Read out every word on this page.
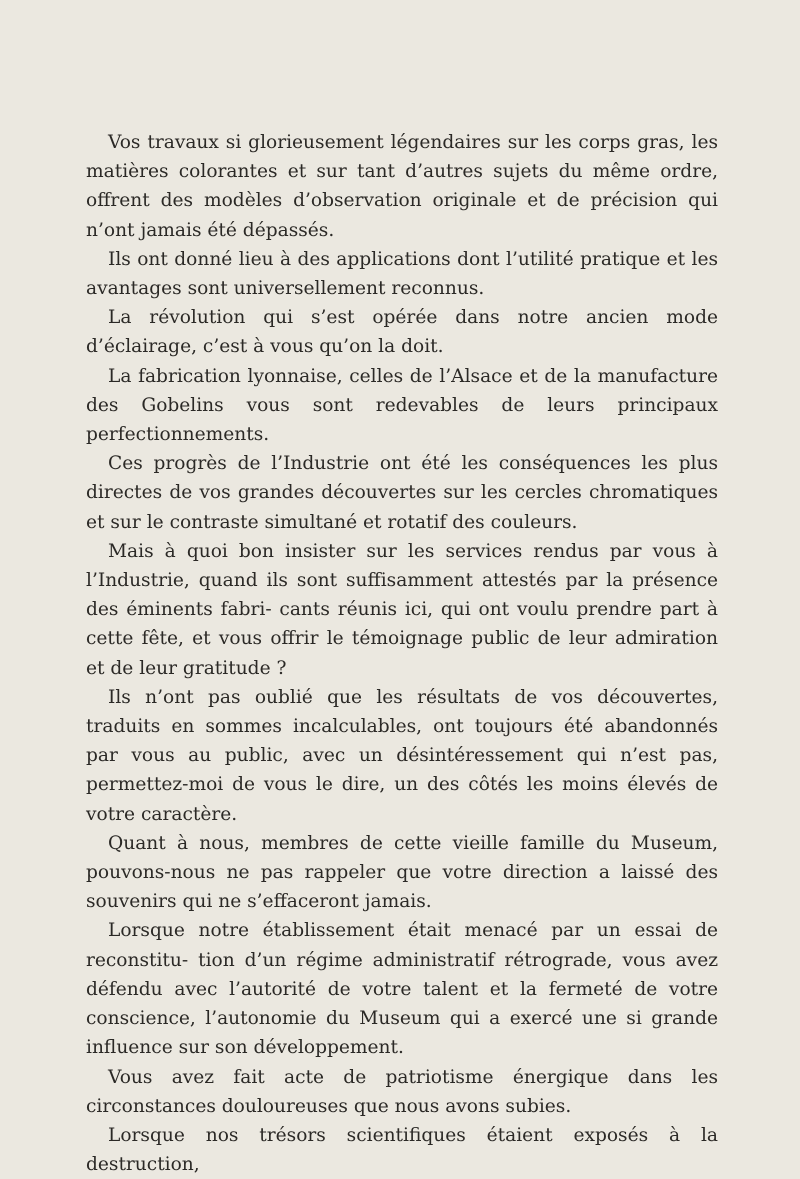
Vos travaux si glorieusement légendaires sur les corps gras, les matières colorantes et sur tant d’autres sujets du même ordre, offrent des modèles d’observation originale et de précision qui n’ont jamais été dépassés.

Ils ont donné lieu à des applications dont l’utilité pratique et les avantages sont universellement reconnus.

La révolution qui s’est opérée dans notre ancien mode d’éclairage, c’est à vous qu’on la doit.

La fabrication lyonnaise, celles de l’Alsace et de la manufacture des Gobelins vous sont redevables de leurs principaux perfectionnements.

Ces progrès de l’Industrie ont été les conséquences les plus directes de vos grandes découvertes sur les cercles chromatiques et sur le contraste simultané et rotatif des couleurs.

Mais à quoi bon insister sur les services rendus par vous à l’Industrie, quand ils sont suffisamment attestés par la présence des éminents fabri- cants réunis ici, qui ont voulu prendre part à cette fête, et vous offrir le témoignage public de leur admiration et de leur gratitude ?

Ils n’ont pas oublié que les résultats de vos découvertes, traduits en sommes incalculables, ont toujours été abandonnés par vous au public, avec un désintéressement qui n’est pas, permettez-moi de vous le dire, un des côtés les moins élevés de votre caractère.

Quant à nous, membres de cette vieille famille du Museum, pouvons-nous ne pas rappeler que votre direction a laissé des souvenirs qui ne s’effaceront jamais.

Lorsque notre établissement était menacé par un essai de reconstitu- tion d’un régime administratif rétrograde, vous avez défendu avec l’autorité de votre talent et la fermeté de votre conscience, l’autonomie du Museum qui a exercé une si grande influence sur son développement.

Vous avez fait acte de patriotisme énergique dans les circonstances douloureuses que nous avons subies.

Lorsque nos trésors scientifiques étaient exposés à la destruction,
